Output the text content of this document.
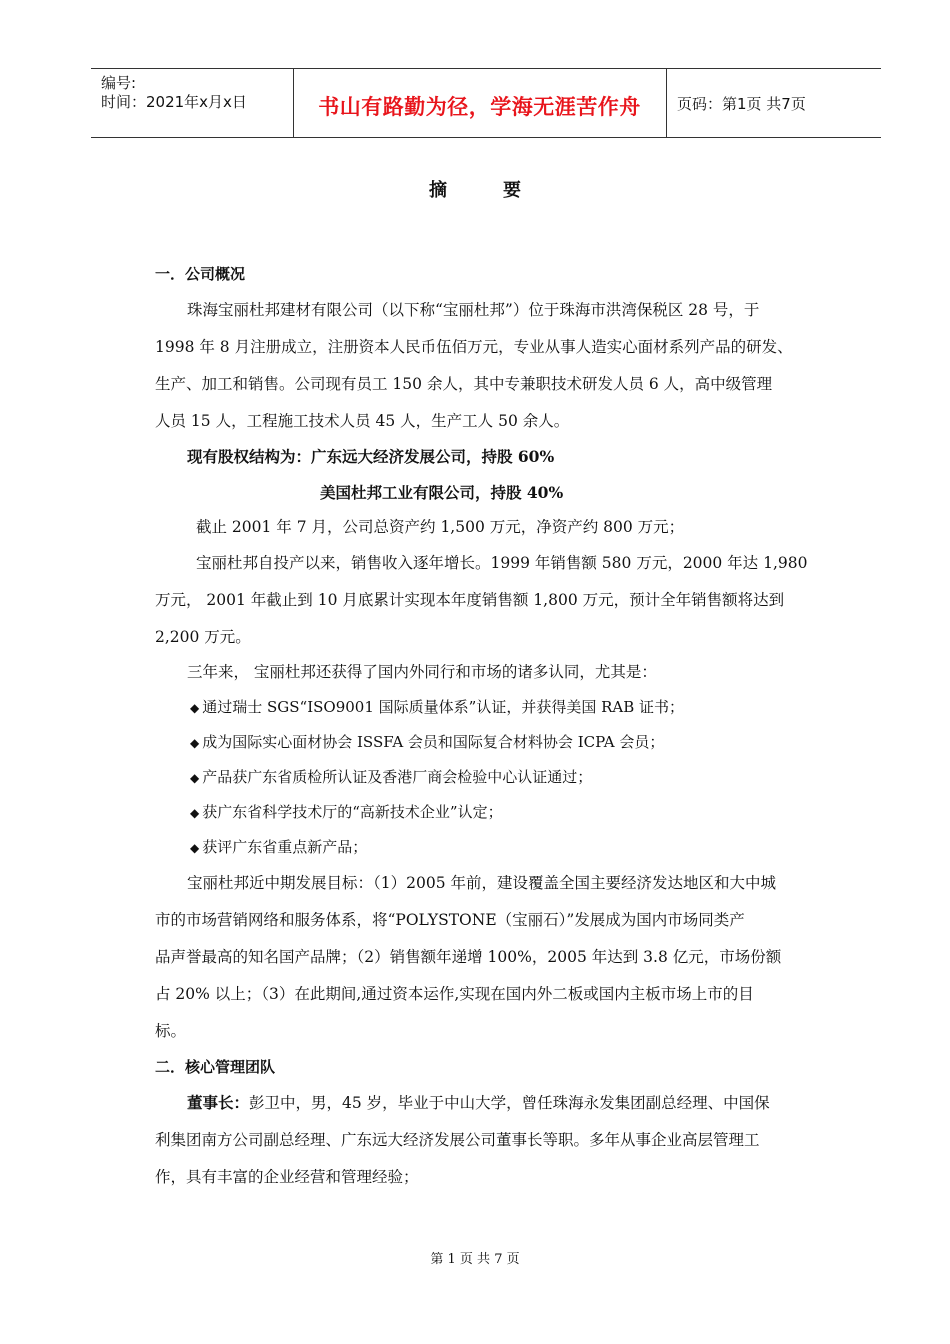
编号:
时间：2021年x月x日	书山有路勤为径，学海无涯苦作舟	页码：第1页 共7页
摘要
一．公司概况
珠海宝丽杜邦建材有限公司（以下称“宝丽杜邦”）位于珠海市洪湾保税区 28 号，于
1998 年 8 月注册成立，注册资本人民币伍佰万元，专业从事人造实心面材系列产品的研发、
生产、加工和销售。公司现有员工 150 余人，其中专兼职技术研发人员 6 人，高中级管理
人员 15 人，工程施工技术人员 45 人，生产工人 50 余人。
现有股权结构为：广东远大经济发展公司，持股 60%
美国杜邦工业有限公司，持股 40%
截止 2001 年 7 月，公司总资产约 1,500 万元，净资产约 800 万元；
宝丽杜邦自投产以来，销售收入逐年增长。1999 年销售额 580 万元，2000 年达 1,980
万元， 2001 年截止到 10 月底累计实现本年度销售额 1,800 万元，预计全年销售额将达到
2,200 万元。
三年来， 宝丽杜邦还获得了国内外同行和市场的诸多认同，尤其是：
◆ 通过瑞士 SGS“ISO9001 国际质量体系”认证，并获得美国 RAB 证书；
◆ 成为国际实心面材协会 ISSFA 会员和国际复合材料协会 ICPA 会员；
◆ 产品获广东省质检所认证及香港厂商会检验中心认证通过；
◆ 获广东省科学技术厅的“高新技术企业”认定；
◆ 获评广东省重点新产品；
宝丽杜邦近中期发展目标：（1）2005 年前，建设覆盖全国主要经济发达地区和大中城
市的市场营销网络和服务体系，将“POLYSTONE（宝丽石）”发展成为国内市场同类产
品声誉最高的知名国产品牌；（2）销售额年递增 100%，2005 年达到 3.8 亿元，市场份额
占 20% 以上；（3）在此期间,通过资本运作,实现在国内外二板或国内主板市场上市的目
标。
二．核心管理团队
董事长：彭卫中，男，45 岁，毕业于中山大学，曾任珠海永发集团副总经理、中国保
利集团南方公司副总经理、广东远大经济发展公司董事长等职。多年从事企业高层管理工
作，具有丰富的企业经营和管理经验；
第 1 页 共 7 页
